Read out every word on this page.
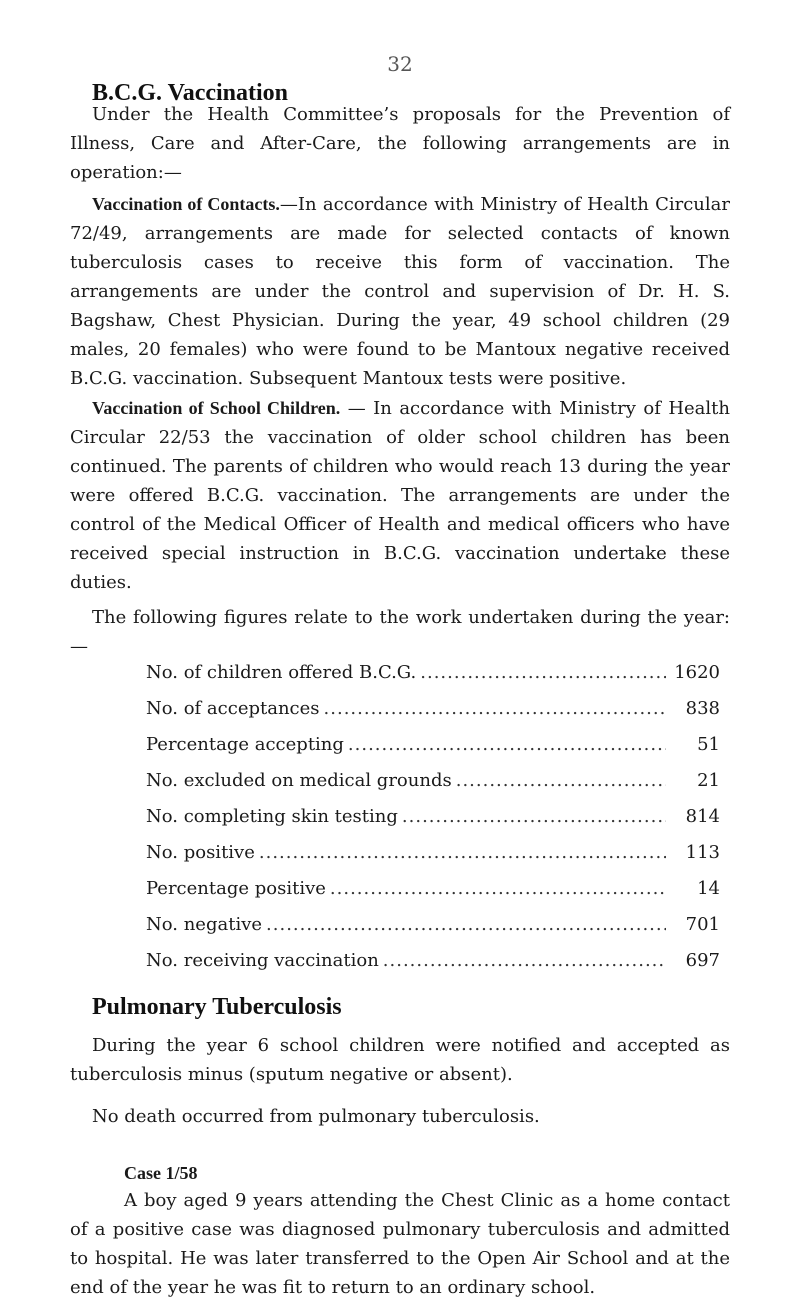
32
B.C.G. Vaccination

Under the Health Committee’s proposals for the Prevention of Illness, Care and After-Care, the following arrangements are in operation:—

Vaccination of Contacts.—In accordance with Ministry of Health Circular 72/49, arrangements are made for selected contacts of known tuberculosis cases to receive this form of vaccination. The arrangements are under the control and supervision of Dr. H. S. Bagshaw, Chest Physician. During the year, 49 school children (29 males, 20 females) who were found to be Mantoux negative received B.C.G. vaccination. Subsequent Mantoux tests were positive.

Vaccination of School Children. — In accordance with Ministry of Health Circular 22/53 the vaccination of older school children has been continued. The parents of children who would reach 13 during the year were offered B.C.G. vaccination. The arrangements are under the control of the Medical Officer of Health and medical officers who have received special instruction in B.C.G. vaccination undertake these duties.

The following figures relate to the work undertaken during the year:—

No. of children offered B.C.G. .....	1620
No. of acceptances .....	838
Percentage accepting .....	51
No. excluded on medical grounds .....	21
No. completing skin testing .....	814
No. positive .....	113
Percentage positive .....	14
No. negative .....	701
No. receiving vaccination .....	697
Pulmonary Tuberculosis

During the year 6 school children were notified and accepted as tuberculosis minus (sputum negative or absent).

No death occurred from pulmonary tuberculosis.

Case 1/58

A boy aged 9 years attending the Chest Clinic as a home contact of a positive case was diagnosed pulmonary tuberculosis and admitted to hospital. He was later transferred to the Open Air School and at the end of the year he was fit to return to an ordinary school.
